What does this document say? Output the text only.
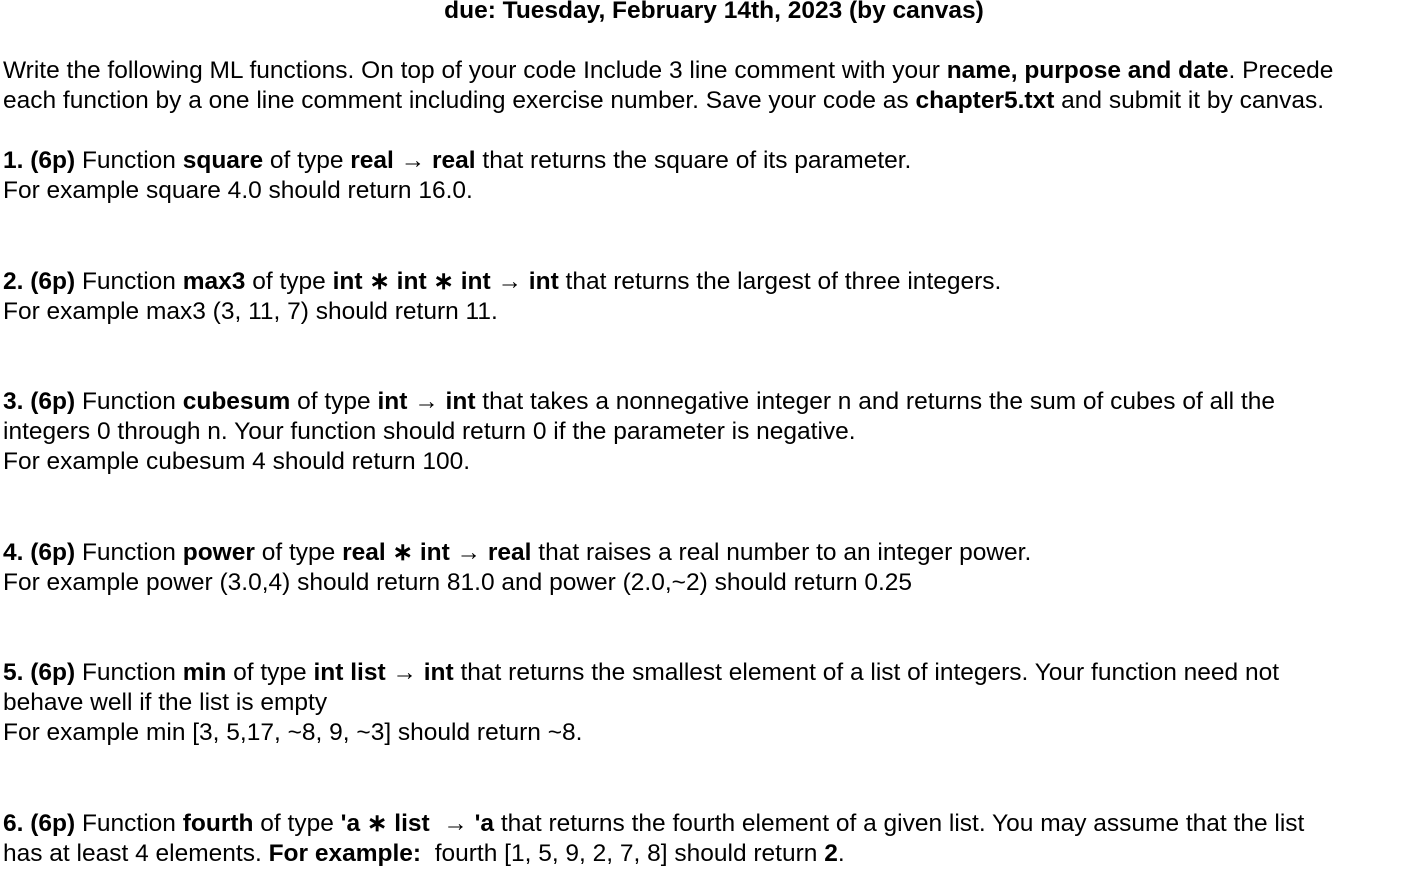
due: Tuesday, February 14th, 2023 (by canvas)
Write the following ML functions. On top of your code Include 3 line comment with your name, purpose and date. Precede
each function by a one line comment including exercise number. Save your code as chapter5.txt and submit it by canvas.
1. (6p) Function square of type real → real that returns the square of its parameter.
For example square 4.0 should return 16.0.
2. (6p) Function max3 of type int ∗ int ∗ int → int that returns the largest of three integers.
For example max3 (3, 11, 7) should return 11.
3. (6p) Function cubesum of type int → int that takes a nonnegative integer n and returns the sum of cubes of all the
integers 0 through n. Your function should return 0 if the parameter is negative.
For example cubesum 4 should return 100.
4. (6p) Function power of type real ∗ int → real that raises a real number to an integer power.
For example power (3.0,4) should return 81.0 and power (2.0,~2) should return 0.25
5. (6p) Function min of type int list → int that returns the smallest element of a list of integers. Your function need not
behave well if the list is empty
For example min [3, 5,17, ~8, 9, ~3] should return ~8.
6. (6p) Function fourth of type 'a ∗ list  → 'a that returns the fourth element of a given list. You may assume that the list
has at least 4 elements. For example:  fourth [1, 5, 9, 2, 7, 8] should return 2.
